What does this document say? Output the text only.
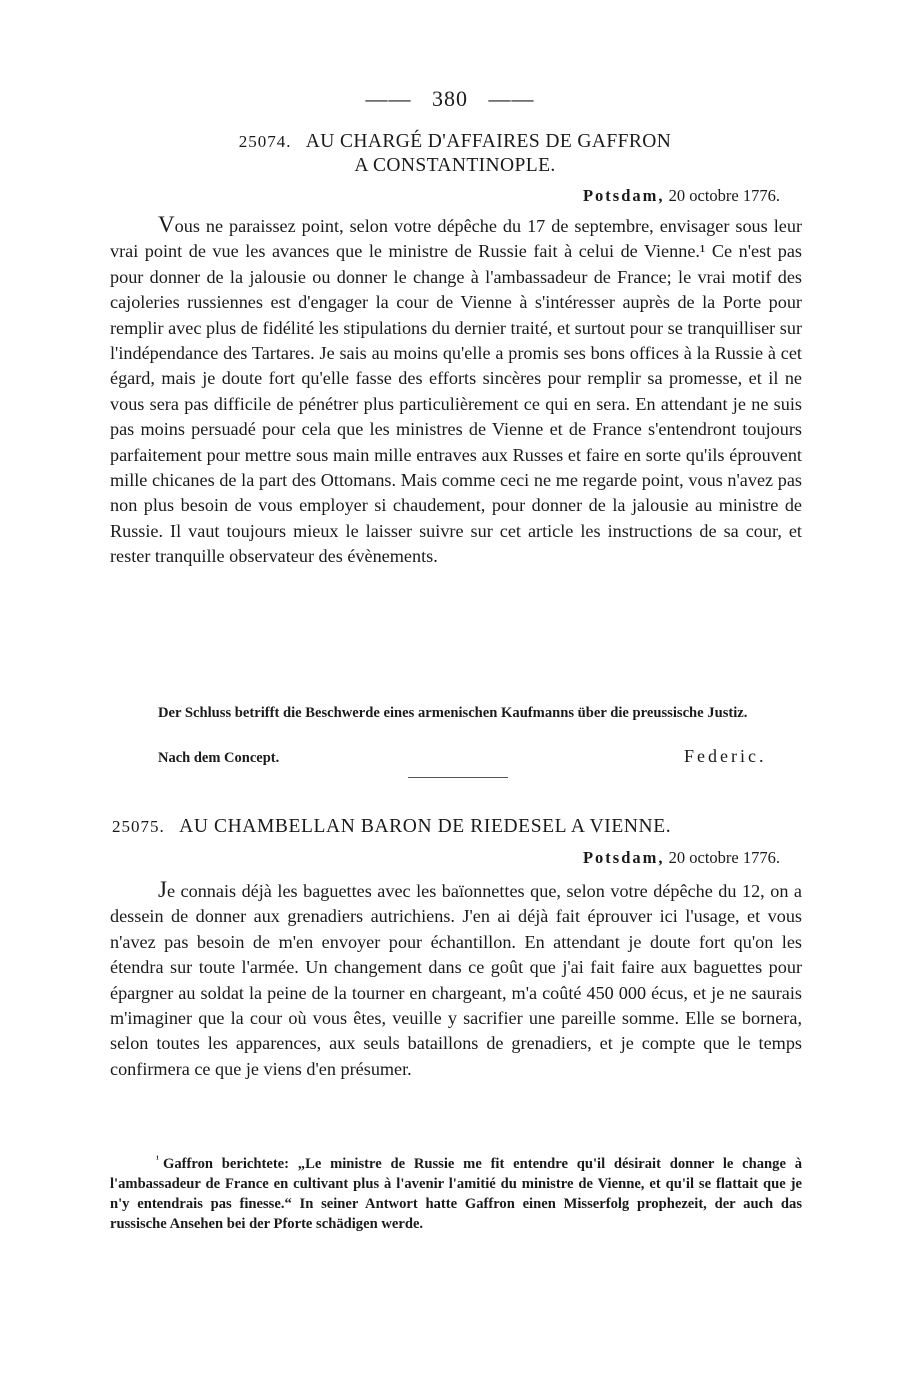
—— 380 ——
25074. AU CHARGÉ D'AFFAIRES DE GAFFRON
A CONSTANTINOPLE.
Potsdam, 20 octobre 1776.

Vous ne paraissez point, selon votre dépêche du 17 de septembre, envisager sous leur vrai point de vue les avances que le ministre de Russie fait à celui de Vienne.¹ Ce n'est pas pour donner de la jalousie ou donner le change à l'ambassadeur de France; le vrai motif des cajoleries russiennes est d'engager la cour de Vienne à s'intéresser auprès de la Porte pour remplir avec plus de fidélité les stipulations du dernier traité, et surtout pour se tranquilliser sur l'indépendance des Tartares. Je sais au moins qu'elle a promis ses bons offices à la Russie à cet égard, mais je doute fort qu'elle fasse des efforts sincères pour remplir sa promesse, et il ne vous sera pas difficile de pénétrer plus particulièrement ce qui en sera. En attendant je ne suis pas moins persuadé pour cela que les ministres de Vienne et de France s'entendront toujours parfaitement pour mettre sous main mille entraves aux Russes et faire en sorte qu'ils éprouvent mille chicanes de la part des Ottomans. Mais comme ceci ne me regarde point, vous n'avez pas non plus besoin de vous employer si chaudement, pour donner de la jalousie au ministre de Russie. Il vaut toujours mieux le laisser suivre sur cet article les instructions de sa cour, et rester tranquille observateur des évènements.

Der Schluss betrifft die Beschwerde eines armenischen Kaufmanns über die preussische Justiz.
Nach dem Concept.	Federic.
25075. AU CHAMBELLAN BARON DE RIEDESEL A VIENNE.
Potsdam, 20 octobre 1776.

Je connais déjà les baguettes avec les baïonnettes que, selon votre dépêche du 12, on a dessein de donner aux grenadiers autrichiens. J'en ai déjà fait éprouver ici l'usage, et vous n'avez pas besoin de m'en envoyer pour échantillon. En attendant je doute fort qu'on les étendra sur toute l'armée. Un changement dans ce goût que j'ai fait faire aux baguettes pour épargner au soldat la peine de la tourner en chargeant, m'a coûté 450 000 écus, et je ne saurais m'imaginer que la cour où vous êtes, veuille y sacrifier une pareille somme. Elle se bornera, selon toutes les apparences, aux seuls bataillons de grenadiers, et je compte que le temps confirmera ce que je viens d'en présumer.

$^{^1}$ Gaffron berichtete: „Le ministre de Russie me fit entendre qu'il désirait donner le change à l'ambassadeur de France en cultivant plus à l'avenir l'amitié du ministre de Vienne, et qu'il se flattait que je n'y entendrais pas finesse.“ In seiner Antwort hatte Gaffron einen Misserfolg prophezeit, der auch das russische Ansehen bei der Pforte schädigen werde.
